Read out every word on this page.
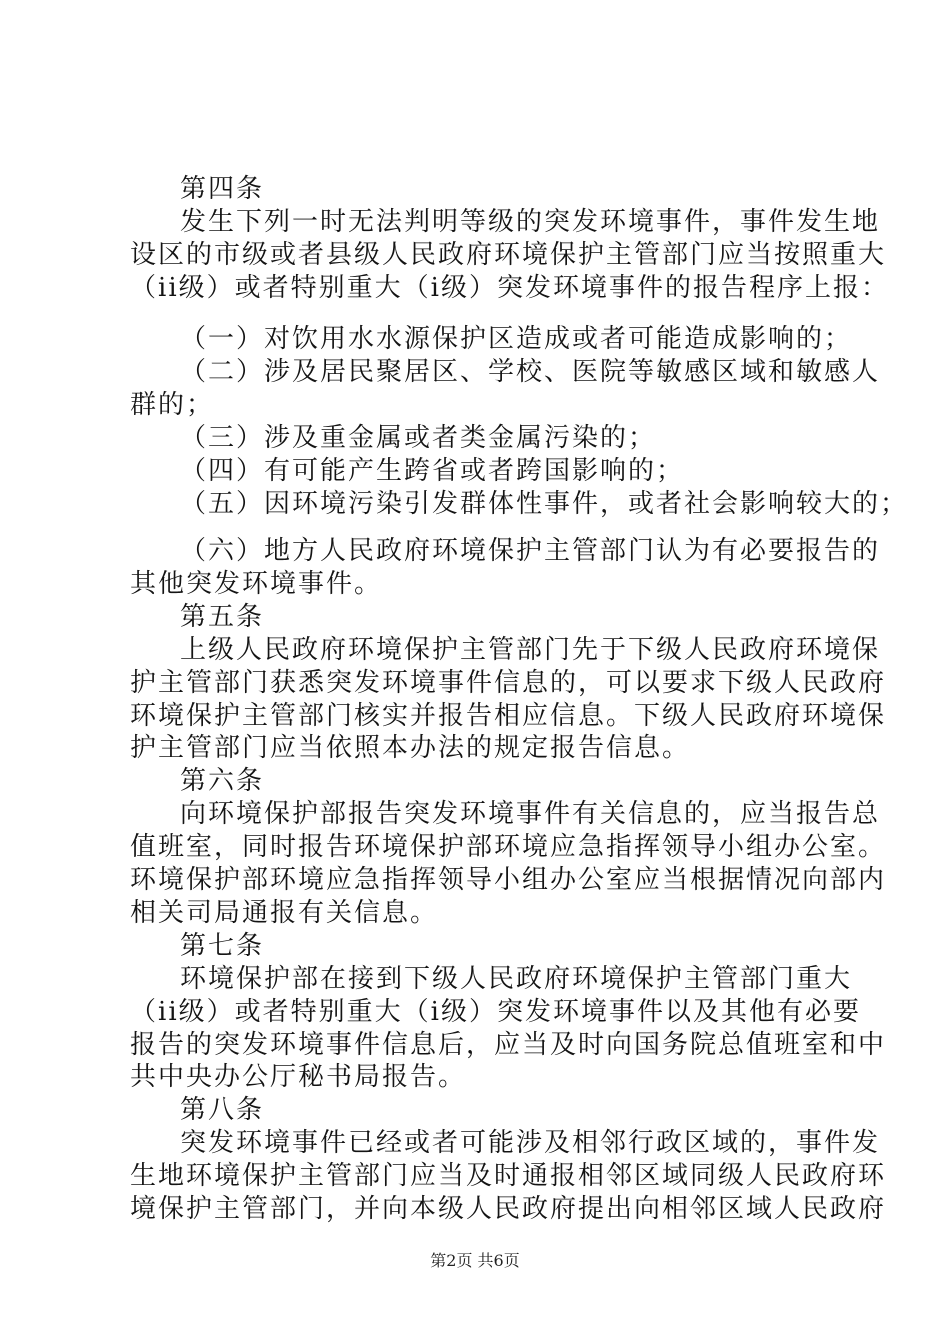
第四条
发生下列一时无法判明等级的突发环境事件，事件发生地
设区的市级或者县级人民政府环境保护主管部门应当按照重大
（ii级）或者特别重大（i级）突发环境事件的报告程序上报：
（一）对饮用水水源保护区造成或者可能造成影响的；
（二）涉及居民聚居区、学校、医院等敏感区域和敏感人
群的；
（三）涉及重金属或者类金属污染的；
（四）有可能产生跨省或者跨国影响的；
（五）因环境污染引发群体性事件，或者社会影响较大的；
（六）地方人民政府环境保护主管部门认为有必要报告的
其他突发环境事件。
第五条
上级人民政府环境保护主管部门先于下级人民政府环境保
护主管部门获悉突发环境事件信息的，可以要求下级人民政府
环境保护主管部门核实并报告相应信息。下级人民政府环境保
护主管部门应当依照本办法的规定报告信息。
第六条
向环境保护部报告突发环境事件有关信息的，应当报告总
值班室，同时报告环境保护部环境应急指挥领导小组办公室。
环境保护部环境应急指挥领导小组办公室应当根据情况向部内
相关司局通报有关信息。
第七条
环境保护部在接到下级人民政府环境保护主管部门重大
（ii级）或者特别重大（i级）突发环境事件以及其他有必要
报告的突发环境事件信息后，应当及时向国务院总值班室和中
共中央办公厅秘书局报告。
第八条
突发环境事件已经或者可能涉及相邻行政区域的，事件发
生地环境保护主管部门应当及时通报相邻区域同级人民政府环
境保护主管部门，并向本级人民政府提出向相邻区域人民政府
第2页 共6页
